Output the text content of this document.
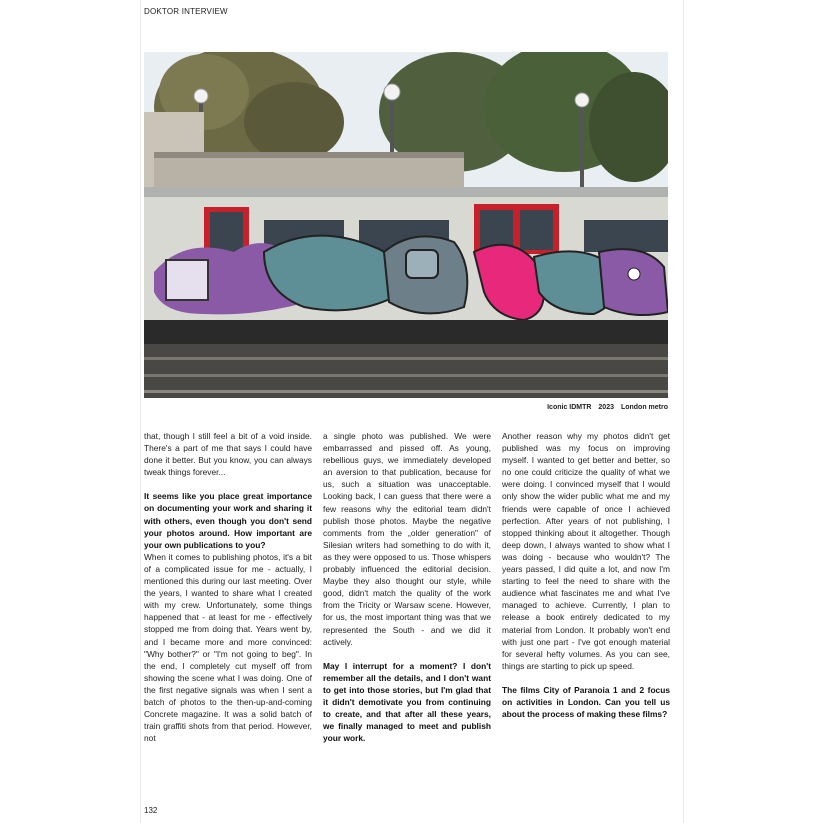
DOKTOR INTERVIEW
Iconic IDMTR 2023 London metro

that, though I still feel a bit of a void inside. There's a part of me that says I could have done it better. But you know, you can always tweak things forever...

It seems like you place great importance on documenting your work and sharing it with others, even though you don't send your photos around. How important are your own publications to you?

When it comes to publishing photos, it's a bit of a complicated issue for me - actually, I mentioned this during our last meeting. Over the years, I wanted to share what I created with my crew. Unfortunately, some things happened that - at least for me - effectively stopped me from doing that. Years went by, and I became more and more convinced: "Why bother?" or "I'm not going to beg". In the end, I completely cut myself off from showing the scene what I was doing. One of the first negative signals was when I sent a batch of photos to the then-up-and-coming Concrete magazine. It was a solid batch of train graffiti shots from that period. However, not

a single photo was published. We were embarrassed and pissed off. As young, rebellious guys, we immediately developed an aversion to that publication, because for us, such a situation was unacceptable. Looking back, I can guess that there were a few reasons why the editorial team didn't publish those photos. Maybe the negative comments from the „older generation" of Silesian writers had something to do with it, as they were opposed to us. Those whispers probably influenced the editorial decision. Maybe they also thought our style, while good, didn't match the quality of the work from the Tricity or Warsaw scene. However, for us, the most important thing was that we represented the South - and we did it actively.

May I interrupt for a moment? I don't remember all the details, and I don't want to get into those stories, but I'm glad that it didn't demotivate you from continuing to create, and that after all these years, we finally managed to meet and publish your work.

Another reason why my photos didn't get published was my focus on improving myself. I wanted to get better and better, so no one could criticize the quality of what we were doing. I convinced myself that I would only show the wider public what me and my friends were capable of once I achieved perfection. After years of not publishing, I stopped thinking about it altogether. Though deep down, I always wanted to show what I was doing - because who wouldn't? The years passed, I did quite a lot, and now I'm starting to feel the need to share with the audience what fascinates me and what I've managed to achieve. Currently, I plan to release a book entirely dedicated to my material from London. It probably won't end with just one part - I've got enough material for several hefty volumes. As you can see, things are starting to pick up speed.

The films City of Paranoia 1 and 2 focus on activities in London. Can you tell us about the process of making these films?

132
